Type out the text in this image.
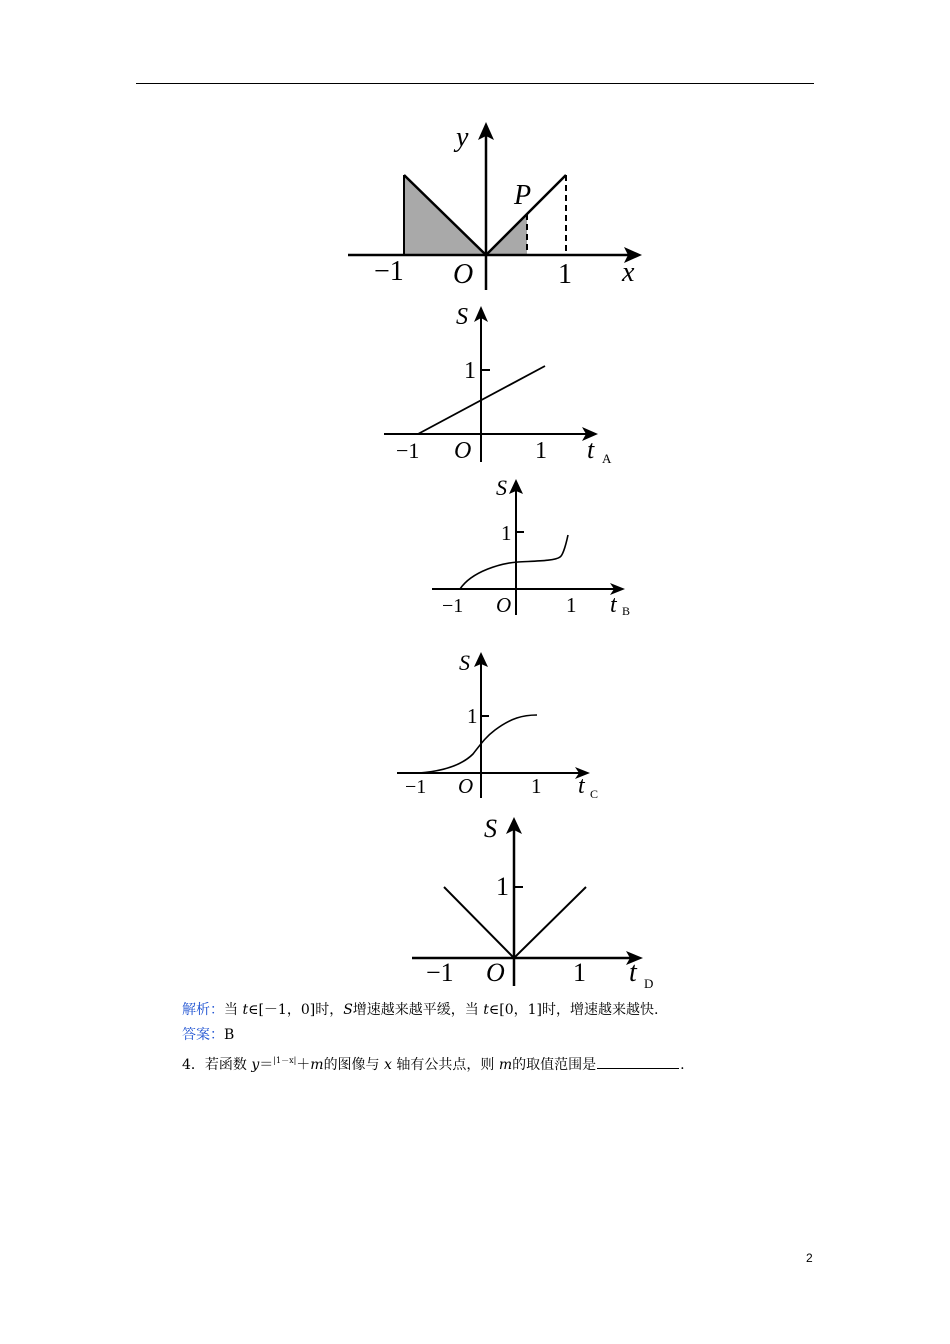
y
P
−1 O	1 x
S
1
−1 O	1 t A
S
1
−1 O	1 t B
S
1
−1 O	1 t C
S
1
−1 O	1 t D
解析：当 t∈[－1，0]时，S增速越来越平缓，当 t∈[0，1]时，增速越来越快.
答案：B
4．若函数 y＝$^{|1-x|}$＋m的图像与 x 轴有公共点，则 m的取值范围是	.
2
